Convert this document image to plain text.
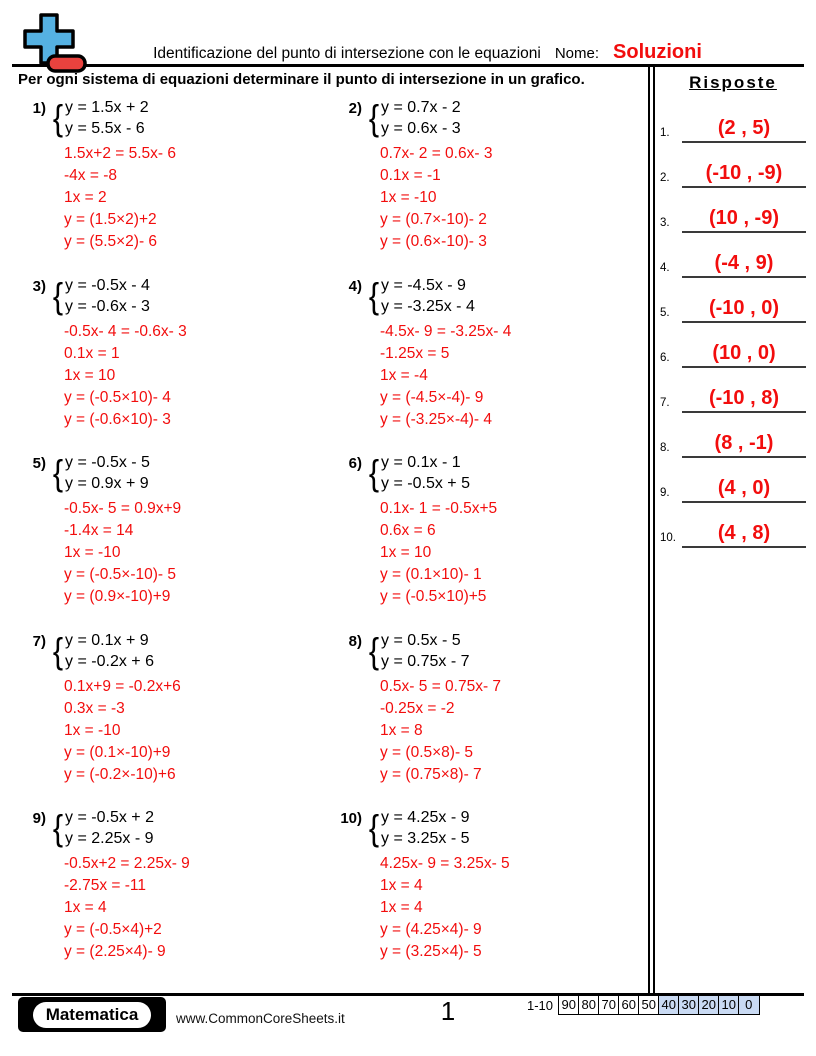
Identificazione del punto di intersezione con le equazioni Nome: Soluzioni
Per ogni sistema di equazioni determinare il punto di intersezione in un grafico.
1) { y = 1.5x + 2
y = 5.5x - 6
1.5x+2 = 5.5x- 6
-4x = -8
1x = 2
y = (1.5×2)+2
y = (5.5×2)- 6
2) { y = 0.7x - 2
y = 0.6x - 3
0.7x- 2 = 0.6x- 3
0.1x = -1
1x = -10
y = (0.7×-10)- 2
y = (0.6×-10)- 3
3) { y = -0.5x - 4
y = -0.6x - 3
-0.5x- 4 = -0.6x- 3
0.1x = 1
1x = 10
y = (-0.5×10)- 4
y = (-0.6×10)- 3
4) { y = -4.5x - 9
y = -3.25x - 4
-4.5x- 9 = -3.25x- 4
-1.25x = 5
1x = -4
y = (-4.5×-4)- 9
y = (-3.25×-4)- 4
5) { y = -0.5x - 5
y = 0.9x + 9
-0.5x- 5 = 0.9x+9
-1.4x = 14
1x = -10
y = (-0.5×-10)- 5
y = (0.9×-10)+9
6) { y = 0.1x - 1
y = -0.5x + 5
0.1x- 1 = -0.5x+5
0.6x = 6
1x = 10
y = (0.1×10)- 1
y = (-0.5×10)+5
7) { y = 0.1x + 9
y = -0.2x + 6
0.1x+9 = -0.2x+6
0.3x = -3
1x = -10
y = (0.1×-10)+9
y = (-0.2×-10)+6
8) { y = 0.5x - 5
y = 0.75x - 7
0.5x- 5 = 0.75x- 7
-0.25x = -2
1x = 8
y = (0.5×8)- 5
y = (0.75×8)- 7
9) { y = -0.5x + 2
y = 2.25x - 9
-0.5x+2 = 2.25x- 9
-2.75x = -11
1x = 4
y = (-0.5×4)+2
y = (2.25×4)- 9
10) { y = 4.25x - 9
y = 3.25x - 5
4.25x- 9 = 3.25x- 5
1x = 4
1x = 4
y = (4.25×4)- 9
y = (3.25×4)- 5
Risposte
1.	(2 , 5)
2.	(-10 , -9)
3.	(10 , -9)
4.	(-4 , 9)
5.	(-10 , 0)
6.	(10 , 0)
7.	(-10 , 8)
8.	(8 , -1)
9.	(4 , 0)
10.	(4 , 8)
Matematica	www.CommonCoreSheets.it	1	1-10 90 80 70 60 50 40 30 20 10 0
